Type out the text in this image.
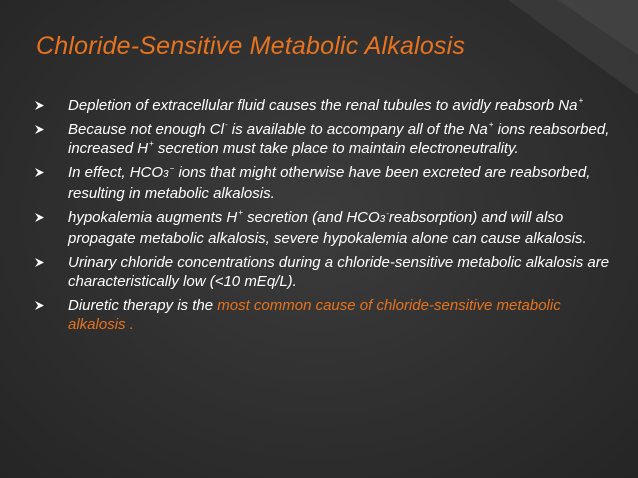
Chloride-Sensitive Metabolic Alkalosis
Depletion of extracellular fluid causes the renal tubules to avidly reabsorb Na+
Because not enough Cl- is available to accompany all of the Na+ ions reabsorbed, increased H+ secretion must take place to maintain electroneutrality.
In effect, HCO3− ions that might otherwise have been excreted are reabsorbed, resulting in metabolic alkalosis.
hypokalemia augments H+ secretion (and HCO3-reabsorption) and will also propagate metabolic alkalosis, severe hypokalemia alone can cause alkalosis.
Urinary chloride concentrations during a chloride-sensitive metabolic alkalosis are characteristically low (<10 mEq/L).
Diuretic therapy is the most common cause of chloride-sensitive metabolic alkalosis .
